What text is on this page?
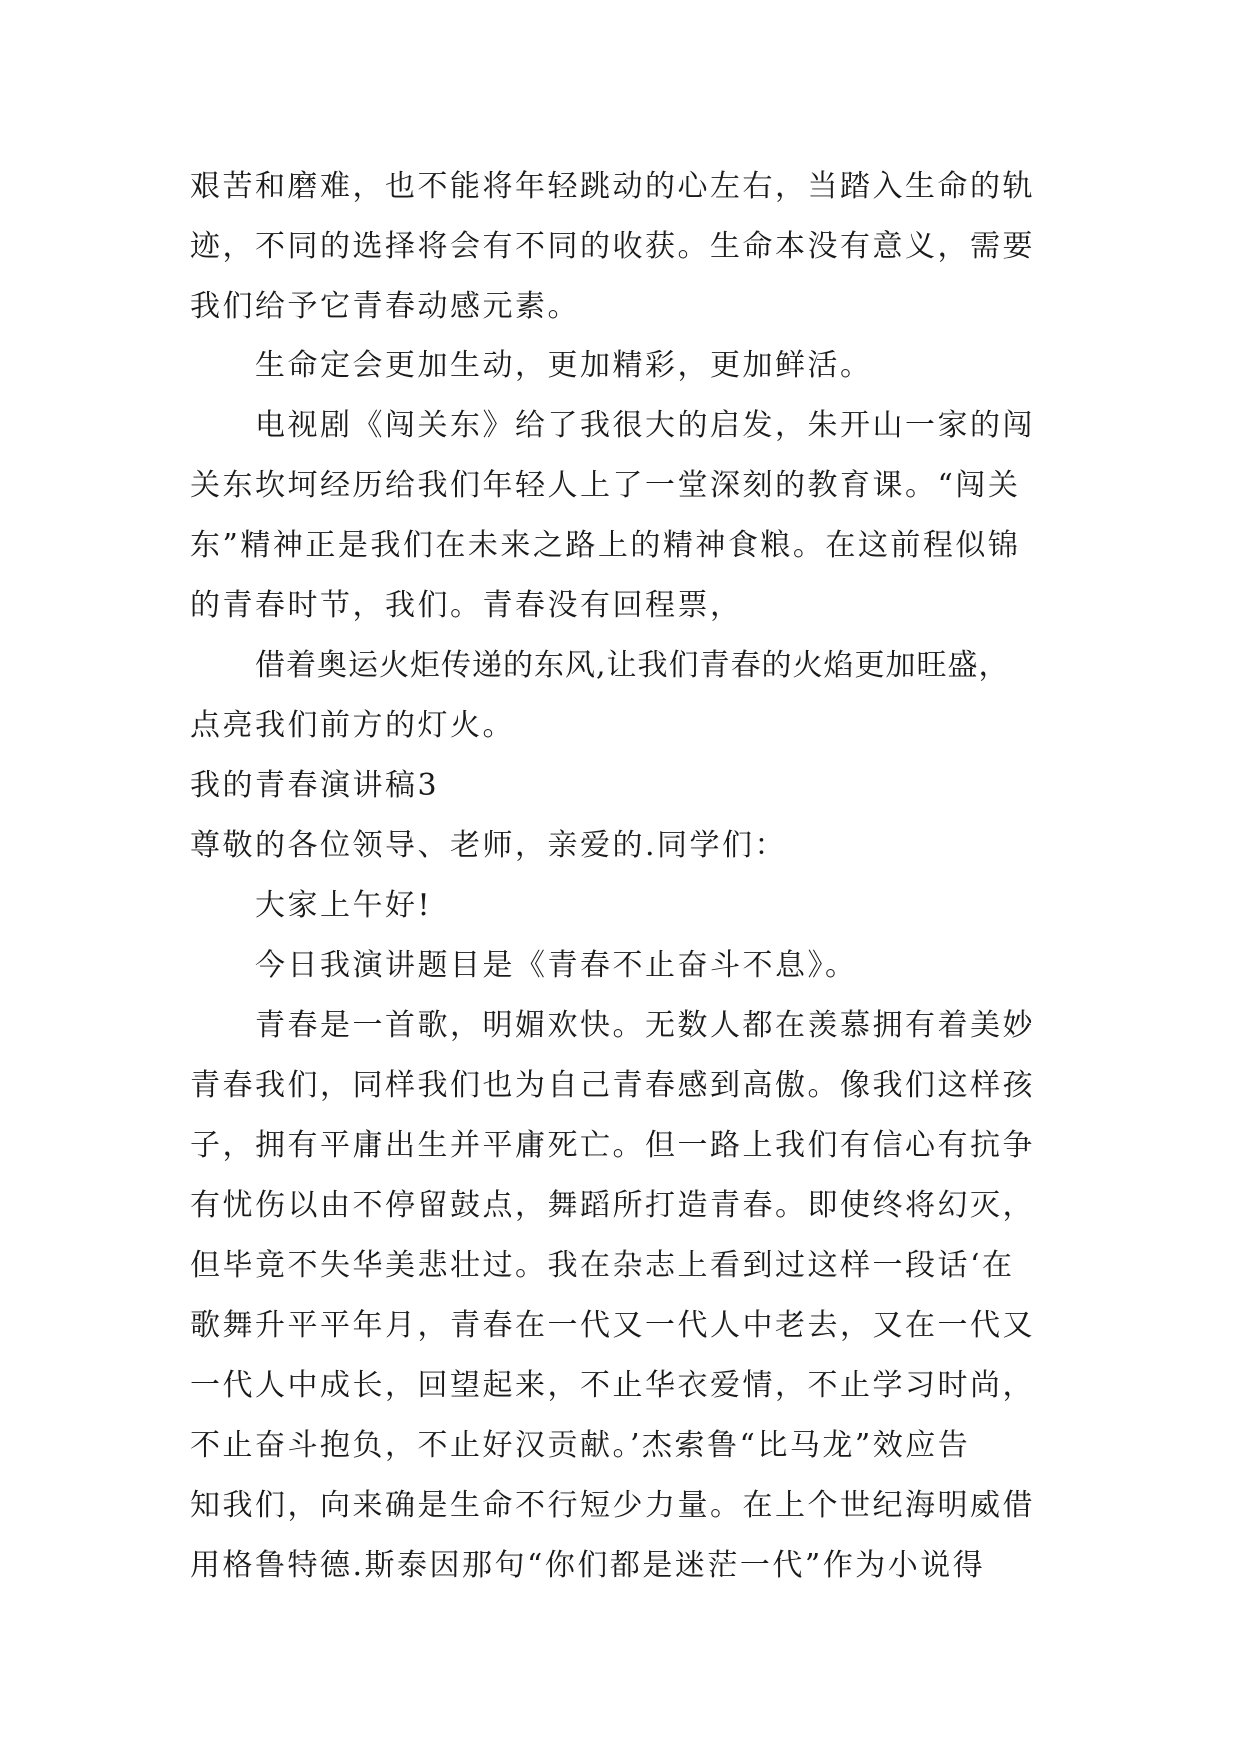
艰苦和磨难，也不能将年轻跳动的心左右，当踏入生命的轨
迹，不同的选择将会有不同的收获。生命本没有意义，需要
我们给予它青春动感元素。
生命定会更加生动，更加精彩，更加鲜活。
电视剧《闯关东》给了我很大的启发，朱开山一家的闯
关东坎坷经历给我们年轻人上了一堂深刻的教育课。“闯关
东”精神正是我们在未来之路上的精神食粮。在这前程似锦
的青春时节，我们。青春没有回程票，
借着奥运火炬传递的东风,让我们青春的火焰更加旺盛，
点亮我们前方的灯火。
我的青春演讲稿3
尊敬的各位领导、老师，亲爱的.同学们：
大家上午好!
今日我演讲题目是《青春不止奋斗不息》。
青春是一首歌，明媚欢快。无数人都在羡慕拥有着美妙
青春我们，同样我们也为自己青春感到高傲。像我们这样孩
子，拥有平庸出生并平庸死亡。但一路上我们有信心有抗争
有忧伤以由不停留鼓点，舞蹈所打造青春。即使终将幻灭，
但毕竟不失华美悲壮过。我在杂志上看到过这样一段话‘在
歌舞升平平年月，青春在一代又一代人中老去，又在一代又
一代人中成长，回望起来，不止华衣爱情，不止学习时尚，
不止奋斗抱负，不止好汉贡献。’杰索鲁“比马龙”效应告
知我们，向来确是生命不行短少力量。在上个世纪海明威借
用格鲁特德.斯泰因那句“你们都是迷茫一代”作为小说得
